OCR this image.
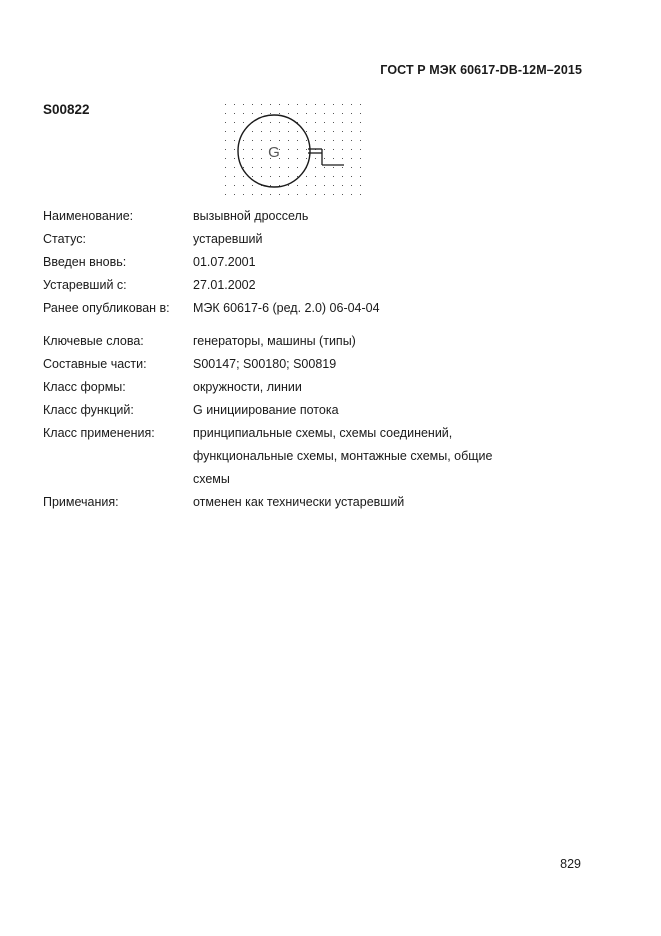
ГОСТ Р МЭК 60617-DB-12M–2015
S00822
G
Наименование:	вызывной дроссель
Статус:	устаревший
Введен вновь:	01.07.2001
Устаревший с:	27.01.2002
Ранее опубликован в:	МЭК 60617-6 (ред. 2.0) 06-04-04
Ключевые слова:	генераторы, машины (типы)
Составные части:	S00147; S00180; S00819
Класс формы:	окружности, линии
Класс функций:	G инициирование потока
Класс применения:	принципиальные схемы, схемы соединений,
функциональные схемы, монтажные схемы, общие
схемы
Примечания:	отменен как технически устаревший
829
